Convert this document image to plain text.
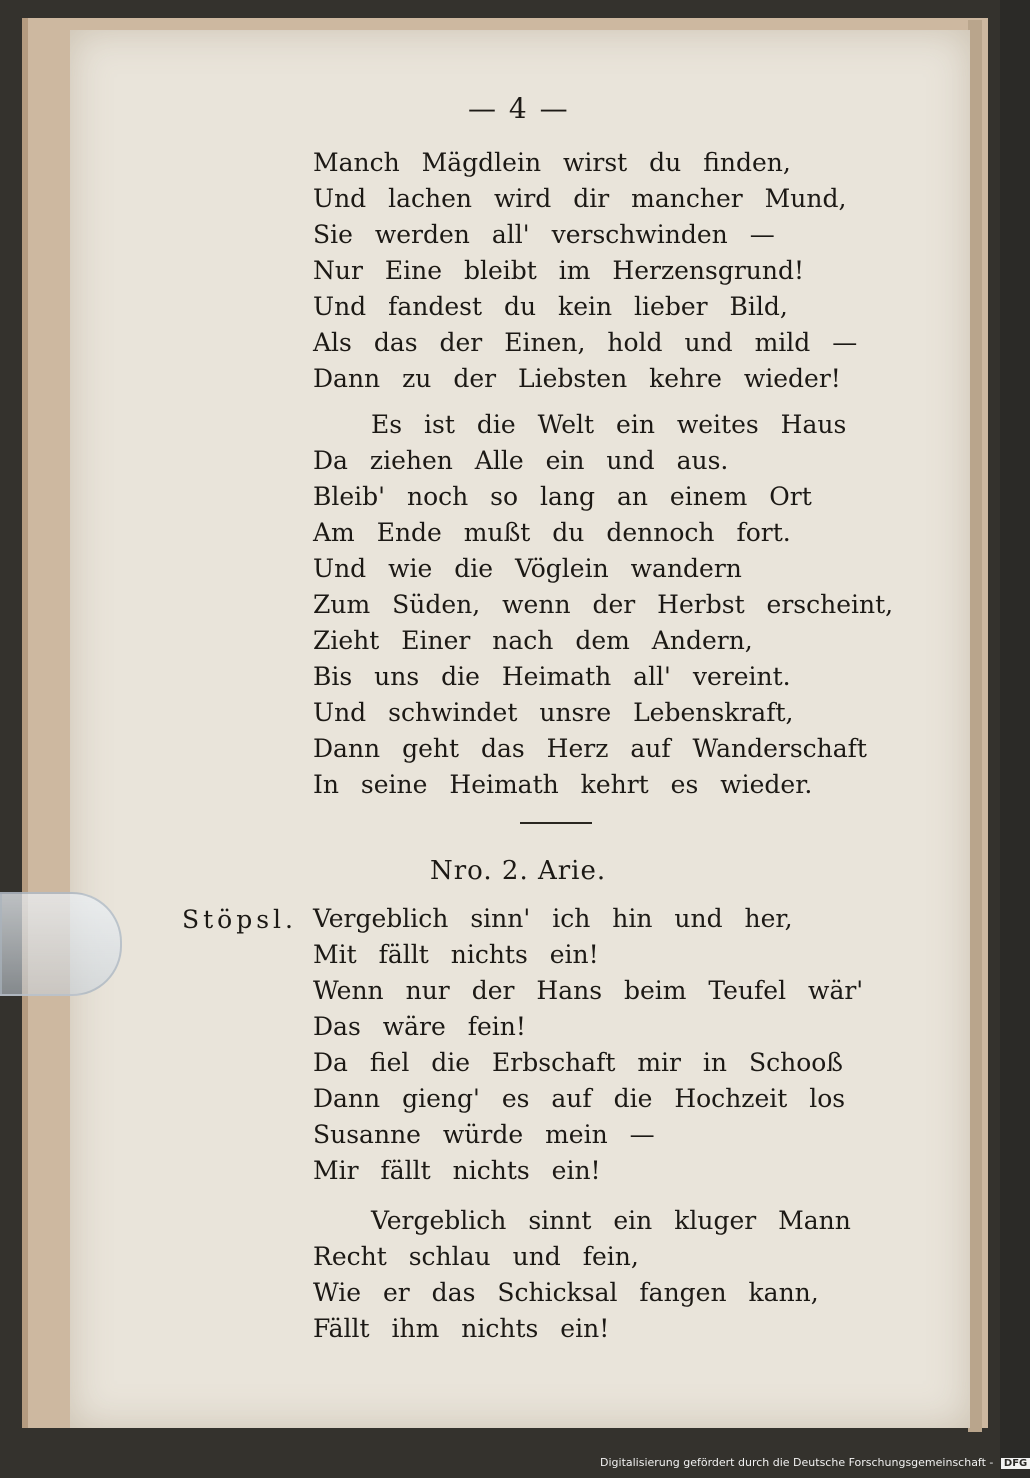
— 4 —
Manch Mägdlein wirst du finden,
Und lachen wird dir mancher Mund,
Sie werden all' verschwinden —
Nur Eine bleibt im Herzensgrund!
Und fandest du kein lieber Bild,
Als das der Einen, hold und mild —
Dann zu der Liebsten kehre wieder!
Es ist die Welt ein weites Haus
Da ziehen Alle ein und aus.
Bleib' noch so lang an einem Ort
Am Ende mußt du dennoch fort.
Und wie die Vöglein wandern
Zum Süden, wenn der Herbst erscheint,
Zieht Einer nach dem Andern,
Bis uns die Heimath all' vereint.
Und schwindet unsre Lebenskraft,
Dann geht das Herz auf Wanderschaft
In seine Heimath kehrt es wieder.
Vergeblich sinn' ich hin und her,
Mit fällt nichts ein!
Wenn nur der Hans beim Teufel wär'
Das wäre fein!
Da fiel die Erbschaft mir in Schooß
Dann gieng' es auf die Hochzeit los
Susanne würde mein —
Mir fällt nichts ein!
Vergeblich sinnt ein kluger Mann
Recht schlau und fein,
Wie er das Schicksal fangen kann,
Fällt ihm nichts ein!
Nro. 2. Arie.
Stöpsl.
Digitalisierung gefördert durch die Deutsche Forschungsgemeinschaft - DFG
